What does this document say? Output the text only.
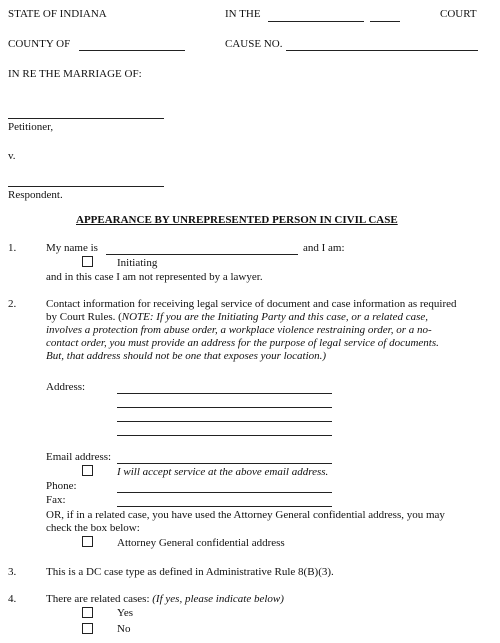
STATE OF INDIANA	IN THE	COURT
COUNTY OF	CAUSE NO.
IN RE THE MARRIAGE OF:
Petitioner,
v.
Respondent.
APPEARANCE BY UNREPRESENTED PERSON IN CIVIL CASE
1.	My name is	and I am:
Initiating
and in this case I am not represented by a lawyer.
2.	Contact information for receiving legal service of document and case information as required
by Court Rules. (NOTE: If you are the Initiating Party and this case, or a related case,
involves a protection from abuse order, a workplace violence restraining order, or a no-
contact order, you must provide an address for the purpose of legal service of documents.
But, that address should not be one that exposes your location.)
Address:
Email address:
I will accept service at the above email address.
Phone:
Fax:
OR, if in a related case, you have used the Attorney General confidential address, you may
check the box below:
Attorney General confidential address
3.	This is a DC case type as defined in Administrative Rule 8(B)(3).
4.	There are related cases: (If yes, please indicate below)
Yes
No
